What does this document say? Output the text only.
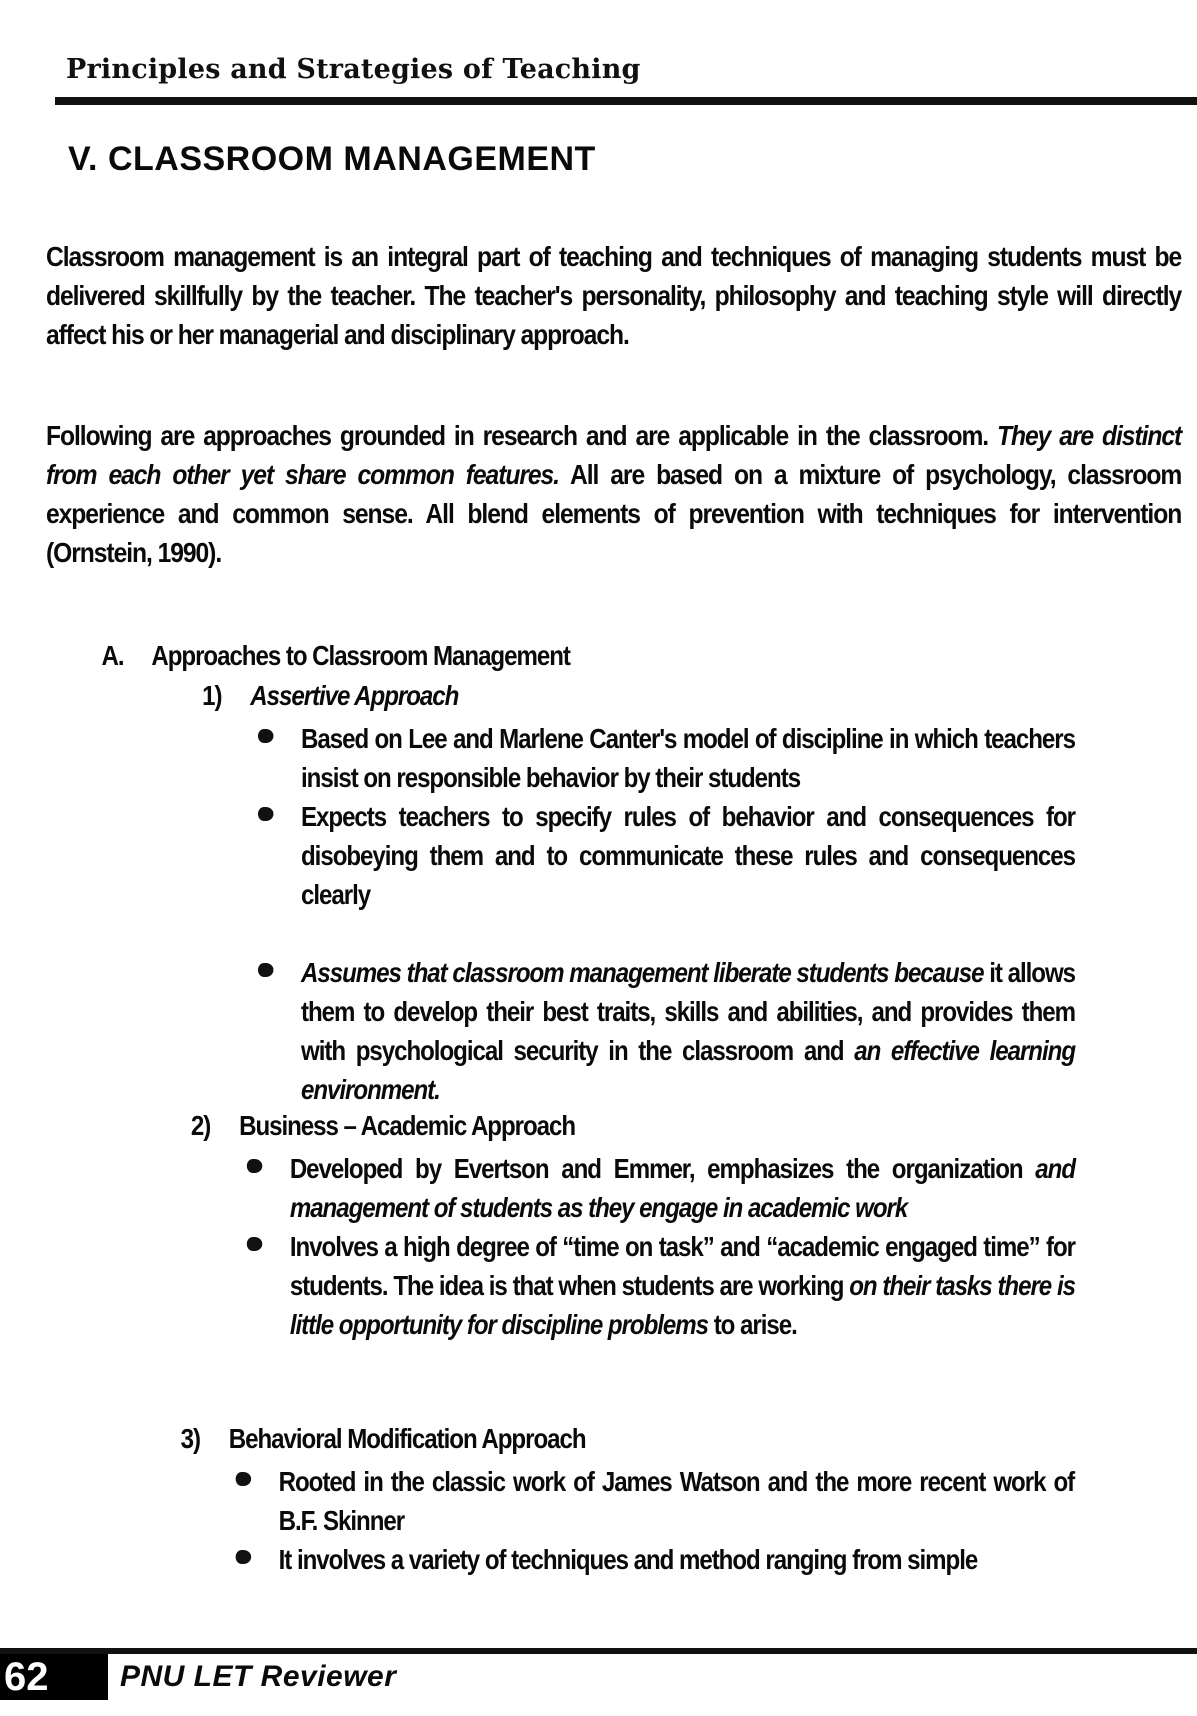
Principles and Strategies of Teaching
V. CLASSROOM MANAGEMENT
Classroom management is an integral part of teaching and techniques of managing students must be delivered skillfully by the teacher. The teacher's personality, philosophy and teaching style will directly affect his or her managerial and disciplinary approach.
Following are approaches grounded in research and are applicable in the classroom. They are distinct from each other yet share common features. All are based on a mixture of psychology, classroom experience and common sense. All blend elements of prevention with techniques for intervention (Ornstein, 1990).
A. Approaches to Classroom Management
1) Assertive Approach
Based on Lee and Marlene Canter's model of discipline in which teachers insist on responsible behavior by their students
Expects teachers to specify rules of behavior and consequences for disobeying them and to communicate these rules and consequences clearly
Assumes that classroom management liberate students because it allows them to develop their best traits, skills and abilities, and provides them with psychological security in the classroom and an effective learning environment.
2) Business – Academic Approach
Developed by Evertson and Emmer, emphasizes the organization and management of students as they engage in academic work
Involves a high degree of “time on task” and “academic engaged time” for students. The idea is that when students are working on their tasks there is little opportunity for discipline problems to arise.
3) Behavioral Modification Approach
Rooted in the classic work of James Watson and the more recent work of B.F. Skinner
It involves a variety of techniques and method ranging from simple
62	PNU LET Reviewer
